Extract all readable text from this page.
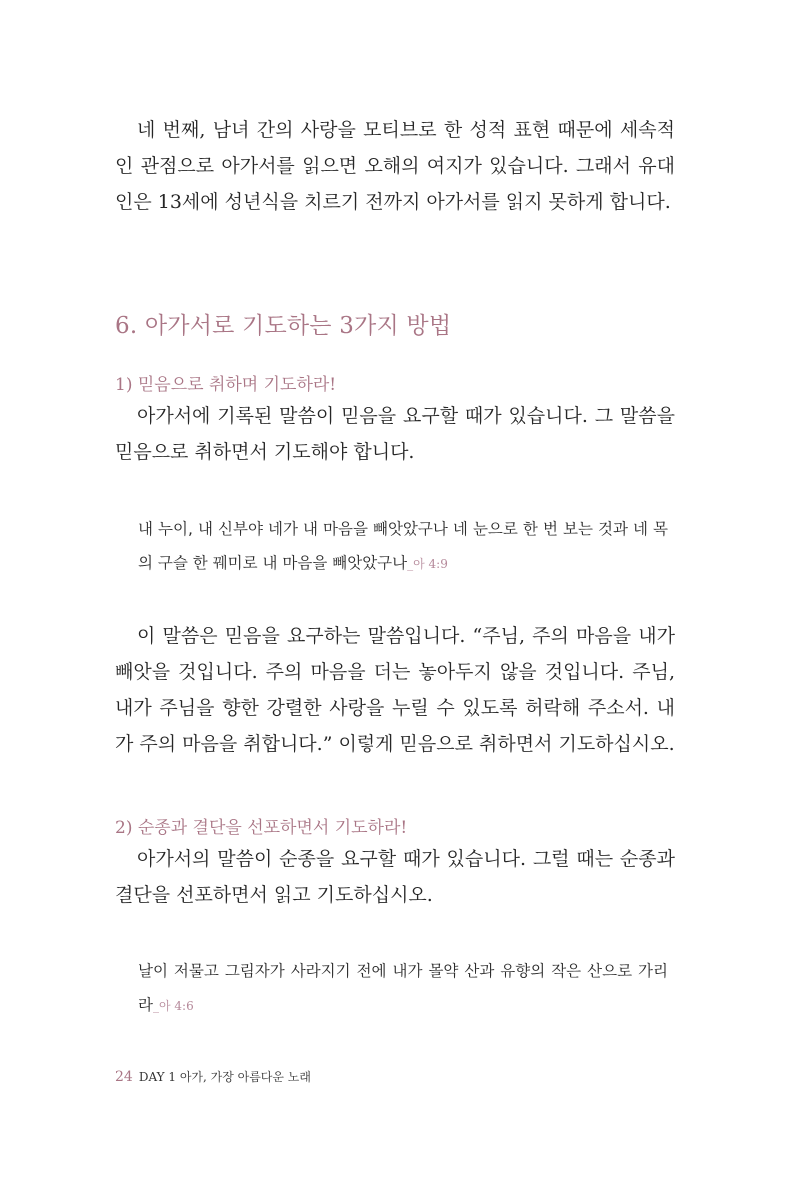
네 번째, 남녀 간의 사랑을 모티브로 한 성적 표현 때문에 세속적인 관점으로 아가서를 읽으면 오해의 여지가 있습니다. 그래서 유대인은 13세에 성년식을 치르기 전까지 아가서를 읽지 못하게 합니다.

6. 아가서로 기도하는 3가지 방법
1) 믿음으로 취하며 기도하라!

아가서에 기록된 말씀이 믿음을 요구할 때가 있습니다. 그 말씀을 믿음으로 취하면서 기도해야 합니다.

내 누이, 내 신부야 네가 내 마음을 빼앗았구나 네 눈으로 한 번 보는 것과 네 목의 구슬 한 꿰미로 내 마음을 빼앗았구나_아 4:9

이 말씀은 믿음을 요구하는 말씀입니다. “주님, 주의 마음을 내가 빼앗을 것입니다. 주의 마음을 더는 놓아두지 않을 것입니다. 주님, 내가 주님을 향한 강렬한 사랑을 누릴 수 있도록 허락해 주소서. 내가 주의 마음을 취합니다.” 이렇게 믿음으로 취하면서 기도하십시오.

2) 순종과 결단을 선포하면서 기도하라!

아가서의 말씀이 순종을 요구할 때가 있습니다. 그럴 때는 순종과 결단을 선포하면서 읽고 기도하십시오.

날이 저물고 그림자가 사라지기 전에 내가 몰약 산과 유향의 작은 산으로 가리라_아 4:6

24 DAY 1 아가, 가장 아름다운 노래
